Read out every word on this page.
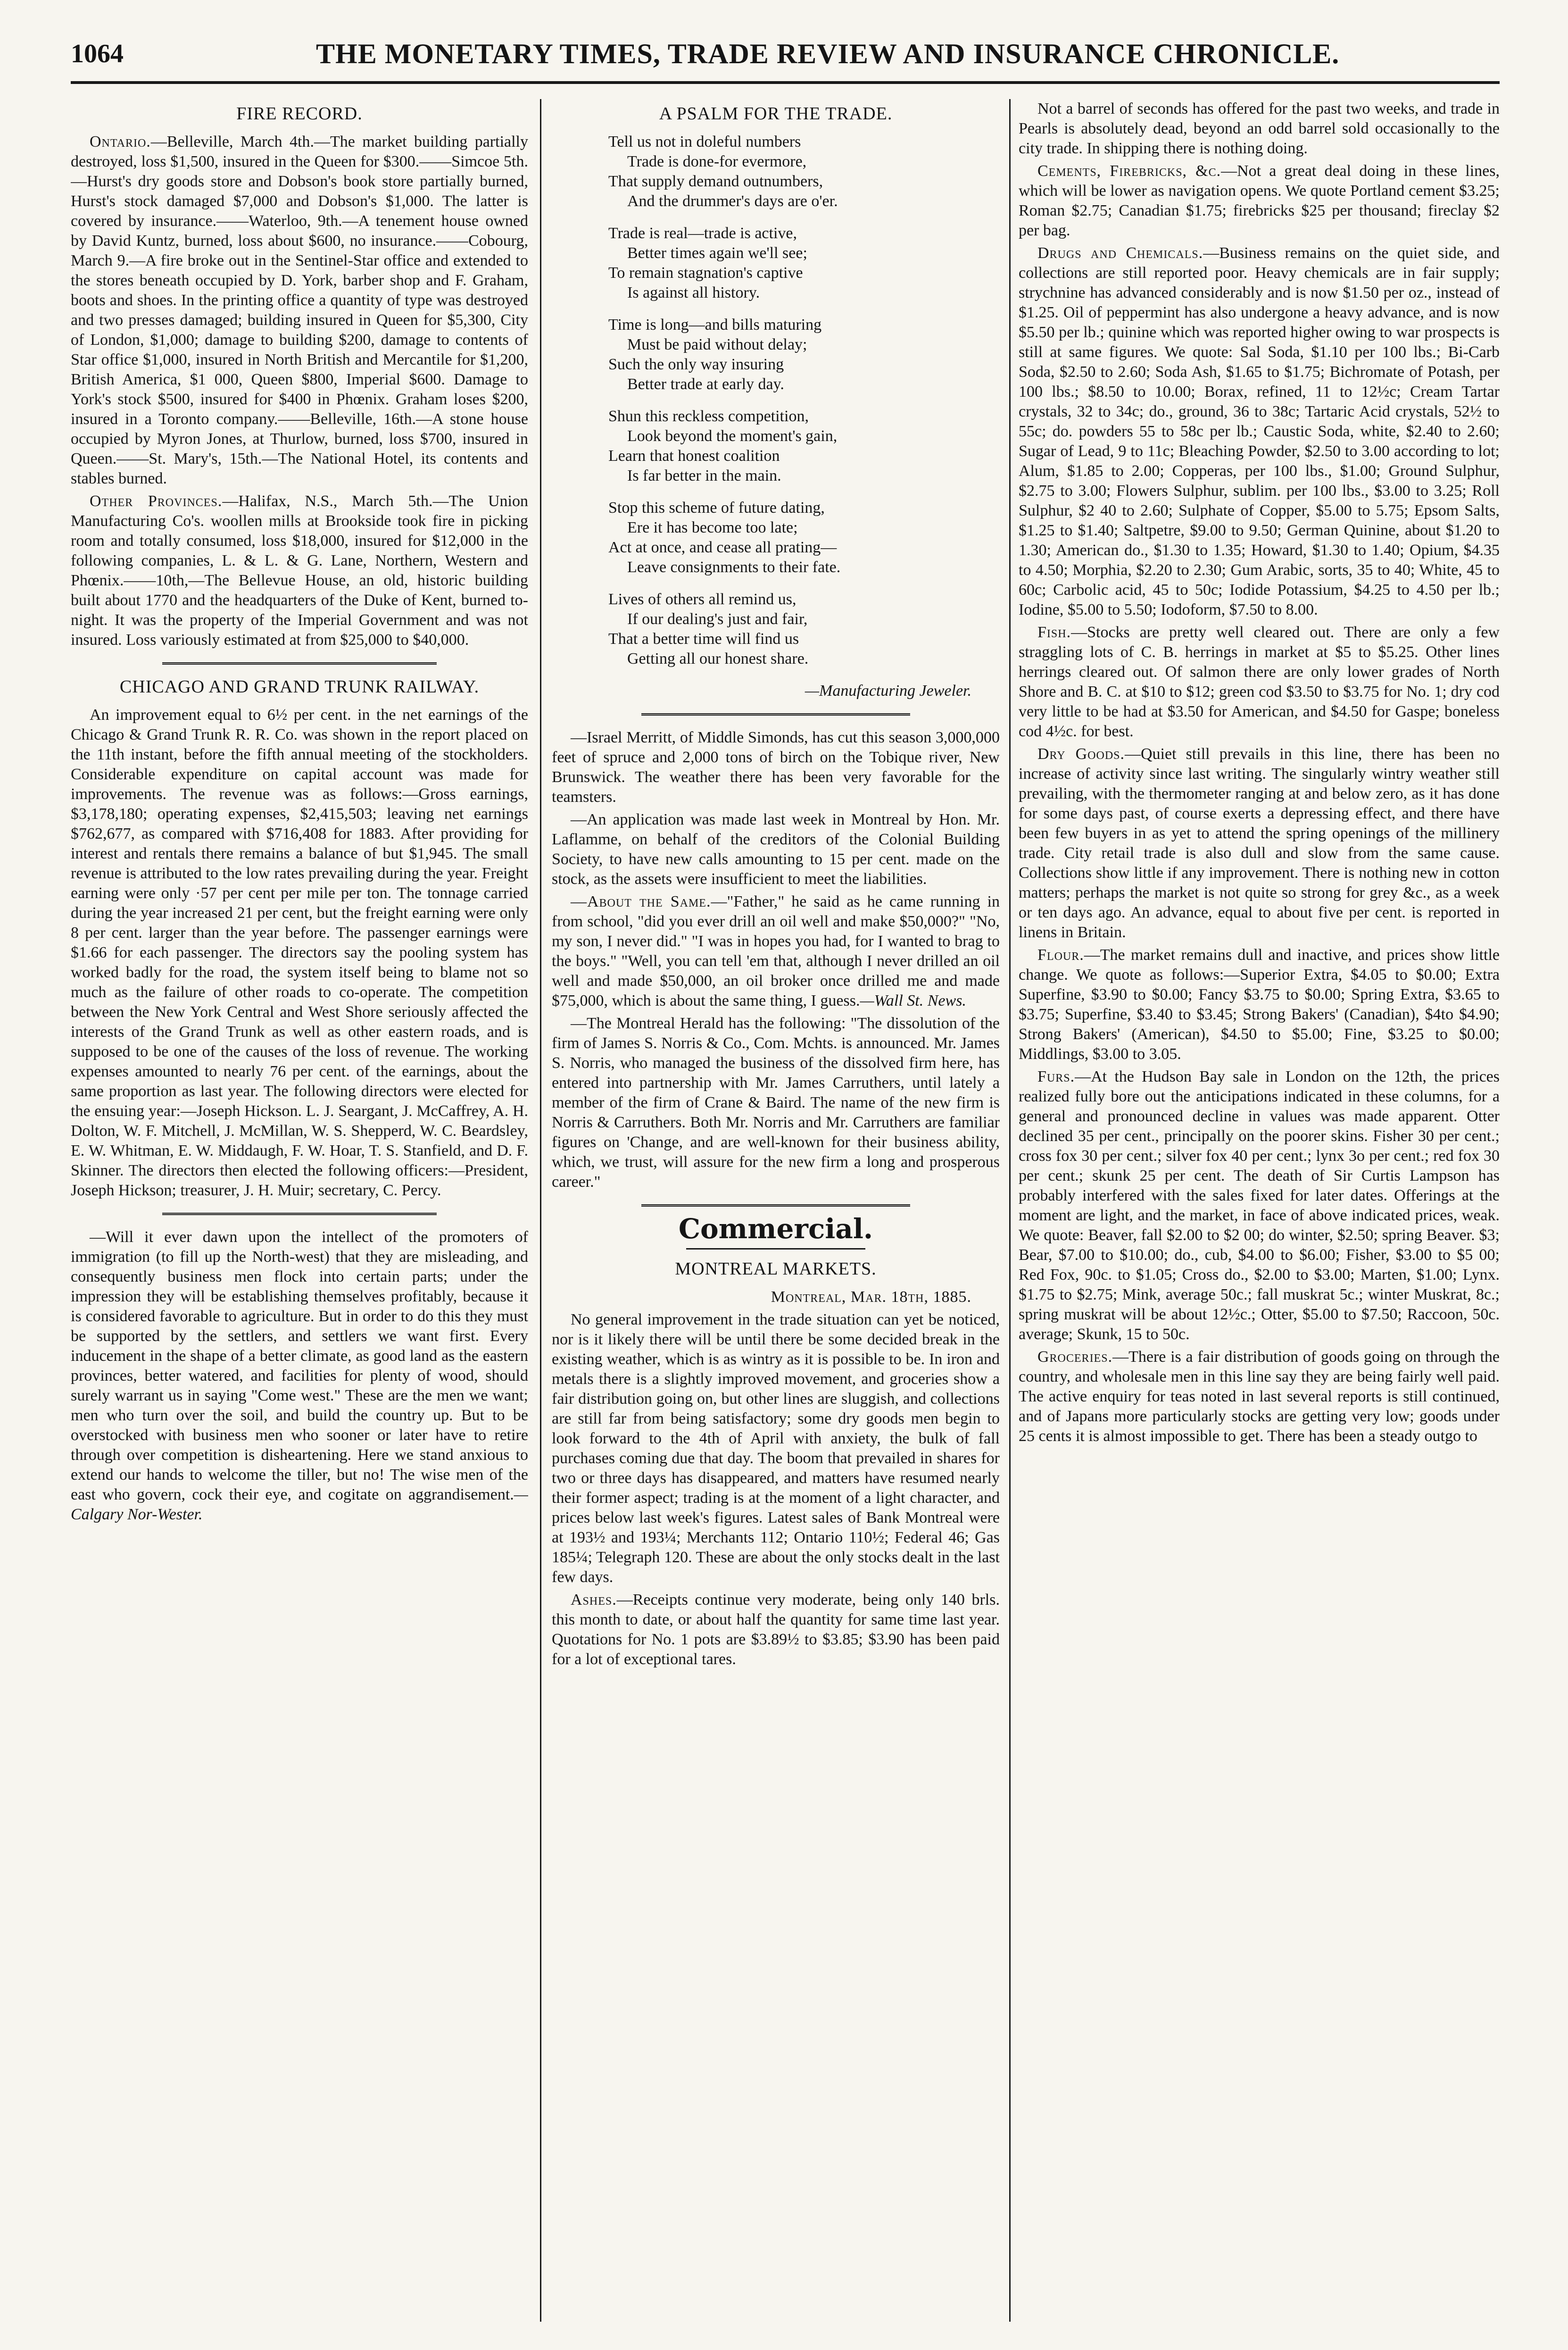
1064	THE MONETARY TIMES, TRADE REVIEW AND INSURANCE CHRONICLE.
FIRE RECORD.

Ontario.—Belleville, March 4th.—The market building partially destroyed, loss $1,500, insured in the Queen for $300.——Simcoe 5th.—Hurst's dry goods store and Dobson's book store partially burned, Hurst's stock damaged $7,000 and Dobson's $1,000. The latter is covered by insurance.——Waterloo, 9th.—A tenement house owned by David Kuntz, burned, loss about $600, no insurance.——Cobourg, March 9.—A fire broke out in the Sentinel-Star office and extended to the stores beneath occupied by D. York, barber shop and F. Graham, boots and shoes. In the printing office a quantity of type was destroyed and two presses damaged; building insured in Queen for $5,300, City of London, $1,000; damage to building $200, damage to contents of Star office $1,000, insured in North British and Mercantile for $1,200, British America, $1 000, Queen $800, Imperial $600. Damage to York's stock $500, insured for $400 in Phœnix. Graham loses $200, insured in a Toronto company.——Belleville, 16th.—A stone house occupied by Myron Jones, at Thurlow, burned, loss $700, insured in Queen.——St. Mary's, 15th.—The National Hotel, its contents and stables burned.

Other Provinces.—Halifax, N.S., March 5th.—The Union Manufacturing Co's. woollen mills at Brookside took fire in picking room and totally consumed, loss $18,000, insured for $12,000 in the following companies, L. & L. & G. Lane, Northern, Western and Phœnix.——10th,—The Bellevue House, an old, historic building built about 1770 and the headquarters of the Duke of Kent, burned to-night. It was the property of the Imperial Government and was not insured. Loss variously estimated at from $25,000 to $40,000.

CHICAGO AND GRAND TRUNK RAILWAY.

An improvement equal to 6½ per cent. in the net earnings of the Chicago & Grand Trunk R. R. Co. was shown in the report placed on the 11th instant, before the fifth annual meeting of the stockholders. Considerable expenditure on capital account was made for improvements. The revenue was as follows:—Gross earnings, $3,178,180; operating expenses, $2,415,503; leaving net earnings $762,677, as compared with $716,408 for 1883. After providing for interest and rentals there remains a balance of but $1,945. The small revenue is attributed to the low rates prevailing during the year. Freight earning were only ·57 per cent per mile per ton. The tonnage carried during the year increased 21 per cent, but the freight earning were only 8 per cent. larger than the year before. The passenger earnings were $1.66 for each passenger. The directors say the pooling system has worked badly for the road, the system itself being to blame not so much as the failure of other roads to co-operate. The competition between the New York Central and West Shore seriously affected the interests of the Grand Trunk as well as other eastern roads, and is supposed to be one of the causes of the loss of revenue. The working expenses amounted to nearly 76 per cent. of the earnings, about the same proportion as last year. The following directors were elected for the ensuing year:—Joseph Hickson. L. J. Seargant, J. McCaffrey, A. H. Dolton, W. F. Mitchell, J. McMillan, W. S. Shepperd, W. C. Beardsley, E. W. Whitman, E. W. Middaugh, F. W. Hoar, T. S. Stanfield, and D. F. Skinner. The directors then elected the following officers:—President, Joseph Hickson; treasurer, J. H. Muir; secretary, C. Percy.

—Will it ever dawn upon the intellect of the promoters of immigration (to fill up the North-west) that they are misleading, and consequently business men flock into certain parts; under the impression they will be establishing themselves profitably, because it is considered favorable to agriculture. But in order to do this they must be supported by the settlers, and settlers we want first. Every inducement in the shape of a better climate, as good land as the eastern provinces, better watered, and facilities for plenty of wood, should surely warrant us in saying "Come west." These are the men we want; men who turn over the soil, and build the country up. But to be overstocked with business men who sooner or later have to retire through over competition is disheartening. Here we stand anxious to extend our hands to welcome the tiller, but no! The wise men of the east who govern, cock their eye, and cogitate on aggrandisement.—Calgary Nor-Wester.

A PSALM FOR THE TRADE.
Tell us not in doleful numbers
Trade is done-for evermore,
That supply demand outnumbers,
And the drummer's days are o'er.
Trade is real—trade is active,
Better times again we'll see;
To remain stagnation's captive
Is against all history.
Time is long—and bills maturing
Must be paid without delay;
Such the only way insuring
Better trade at early day.
Shun this reckless competition,
Look beyond the moment's gain,
Learn that honest coalition
Is far better in the main.
Stop this scheme of future dating,
Ere it has become too late;
Act at once, and cease all prating—
Leave consignments to their fate.
Lives of others all remind us,
If our dealing's just and fair,
That a better time will find us
Getting all our honest share.
—Manufacturing Jeweler.

—Israel Merritt, of Middle Simonds, has cut this season 3,000,000 feet of spruce and 2,000 tons of birch on the Tobique river, New Brunswick. The weather there has been very favorable for the teamsters.

—An application was made last week in Montreal by Hon. Mr. Laflamme, on behalf of the creditors of the Colonial Building Society, to have new calls amounting to 15 per cent. made on the stock, as the assets were insufficient to meet the liabilities.

—About the Same.—"Father," he said as he came running in from school, "did you ever drill an oil well and make $50,000?" "No, my son, I never did." "I was in hopes you had, for I wanted to brag to the boys." "Well, you can tell 'em that, although I never drilled an oil well and made $50,000, an oil broker once drilled me and made $75,000, which is about the same thing, I guess.—Wall St. News.

—The Montreal Herald has the following: "The dissolution of the firm of James S. Norris & Co., Com. Mchts. is announced. Mr. James S. Norris, who managed the business of the dissolved firm here, has entered into partnership with Mr. James Carruthers, until lately a member of the firm of Crane & Baird. The name of the new firm is Norris & Carruthers. Both Mr. Norris and Mr. Carruthers are familiar figures on 'Change, and are well-known for their business ability, which, we trust, will assure for the new firm a long and prosperous career."

Commercial.
MONTREAL MARKETS.
Montreal, Mar. 18th, 1885.

No general improvement in the trade situation can yet be noticed, nor is it likely there will be until there be some decided break in the existing weather, which is as wintry as it is possible to be. In iron and metals there is a slightly improved movement, and groceries show a fair distribution going on, but other lines are sluggish, and collections are still far from being satisfactory; some dry goods men begin to look forward to the 4th of April with anxiety, the bulk of fall purchases coming due that day. The boom that prevailed in shares for two or three days has disappeared, and matters have resumed nearly their former aspect; trading is at the moment of a light character, and prices below last week's figures. Latest sales of Bank Montreal were at 193½ and 193¼; Merchants 112; Ontario 110½; Federal 46; Gas 185¼; Telegraph 120. These are about the only stocks dealt in the last few days.

Ashes.—Receipts continue very moderate, being only 140 brls. this month to date, or about half the quantity for same time last year. Quotations for No. 1 pots are $3.89½ to $3.85; $3.90 has been paid for a lot of exceptional tares.

Not a barrel of seconds has offered for the past two weeks, and trade in Pearls is absolutely dead, beyond an odd barrel sold occasionally to the city trade. In shipping there is nothing doing.

Cements, Firebricks, &c.—Not a great deal doing in these lines, which will be lower as navigation opens. We quote Portland cement $3.25; Roman $2.75; Canadian $1.75; firebricks $25 per thousand; fireclay $2 per bag.

Drugs and Chemicals.—Business remains on the quiet side, and collections are still reported poor. Heavy chemicals are in fair supply; strychnine has advanced considerably and is now $1.50 per oz., instead of $1.25. Oil of peppermint has also undergone a heavy advance, and is now $5.50 per lb.; quinine which was reported higher owing to war prospects is still at same figures. We quote: Sal Soda, $1.10 per 100 lbs.; Bi-Carb Soda, $2.50 to 2.60; Soda Ash, $1.65 to $1.75; Bichromate of Potash, per 100 lbs.; $8.50 to 10.00; Borax, refined, 11 to 12½c; Cream Tartar crystals, 32 to 34c; do., ground, 36 to 38c; Tartaric Acid crystals, 52½ to 55c; do. powders 55 to 58c per lb.; Caustic Soda, white, $2.40 to 2.60; Sugar of Lead, 9 to 11c; Bleaching Powder, $2.50 to 3.00 according to lot; Alum, $1.85 to 2.00; Copperas, per 100 lbs., $1.00; Ground Sulphur, $2.75 to 3.00; Flowers Sulphur, sublim. per 100 lbs., $3.00 to 3.25; Roll Sulphur, $2 40 to 2.60; Sulphate of Copper, $5.00 to 5.75; Epsom Salts, $1.25 to $1.40; Saltpetre, $9.00 to 9.50; German Quinine, about $1.20 to 1.30; American do., $1.30 to 1.35; Howard, $1.30 to 1.40; Opium, $4.35 to 4.50; Morphia, $2.20 to 2.30; Gum Arabic, sorts, 35 to 40; White, 45 to 60c; Carbolic acid, 45 to 50c; Iodide Potassium, $4.25 to 4.50 per lb.; Iodine, $5.00 to 5.50; Iodoform, $7.50 to 8.00.

Fish.—Stocks are pretty well cleared out. There are only a few straggling lots of C. B. herrings in market at $5 to $5.25. Other lines herrings cleared out. Of salmon there are only lower grades of North Shore and B. C. at $10 to $12; green cod $3.50 to $3.75 for No. 1; dry cod very little to be had at $3.50 for American, and $4.50 for Gaspe; boneless cod 4½c. for best.

Dry Goods.—Quiet still prevails in this line, there has been no increase of activity since last writing. The singularly wintry weather still prevailing, with the thermometer ranging at and below zero, as it has done for some days past, of course exerts a depressing effect, and there have been few buyers in as yet to attend the spring openings of the millinery trade. City retail trade is also dull and slow from the same cause. Collections show little if any improvement. There is nothing new in cotton matters; perhaps the market is not quite so strong for grey &c., as a week or ten days ago. An advance, equal to about five per cent. is reported in linens in Britain.

Flour.—The market remains dull and inactive, and prices show little change. We quote as follows:—Superior Extra, $4.05 to $0.00; Extra Superfine, $3.90 to $0.00; Fancy $3.75 to $0.00; Spring Extra, $3.65 to $3.75; Superfine, $3.40 to $3.45; Strong Bakers' (Canadian), $4to $4.90; Strong Bakers' (American), $4.50 to $5.00; Fine, $3.25 to $0.00; Middlings, $3.00 to 3.05.

Furs.—At the Hudson Bay sale in London on the 12th, the prices realized fully bore out the anticipations indicated in these columns, for a general and pronounced decline in values was made apparent. Otter declined 35 per cent., principally on the poorer skins. Fisher 30 per cent.; cross fox 30 per cent.; silver fox 40 per cent.; lynx 3o per cent.; red fox 30 per cent.; skunk 25 per cent. The death of Sir Curtis Lampson has probably interfered with the sales fixed for later dates. Offerings at the moment are light, and the market, in face of above indicated prices, weak. We quote: Beaver, fall $2.00 to $2 00; do winter, $2.50; spring Beaver. $3; Bear, $7.00 to $10.00; do., cub, $4.00 to $6.00; Fisher, $3.00 to $5 00; Red Fox, 90c. to $1.05; Cross do., $2.00 to $3.00; Marten, $1.00; Lynx. $1.75 to $2.75; Mink, average 50c.; fall muskrat 5c.; winter Muskrat, 8c.; spring muskrat will be about 12½c.; Otter, $5.00 to $7.50; Raccoon, 50c. average; Skunk, 15 to 50c.

Groceries.—There is a fair distribution of goods going on through the country, and wholesale men in this line say they are being fairly well paid. The active enquiry for teas noted in last several reports is still continued, and of Japans more particularly stocks are getting very low; goods under 25 cents it is almost impossible to get. There has been a steady outgo to
